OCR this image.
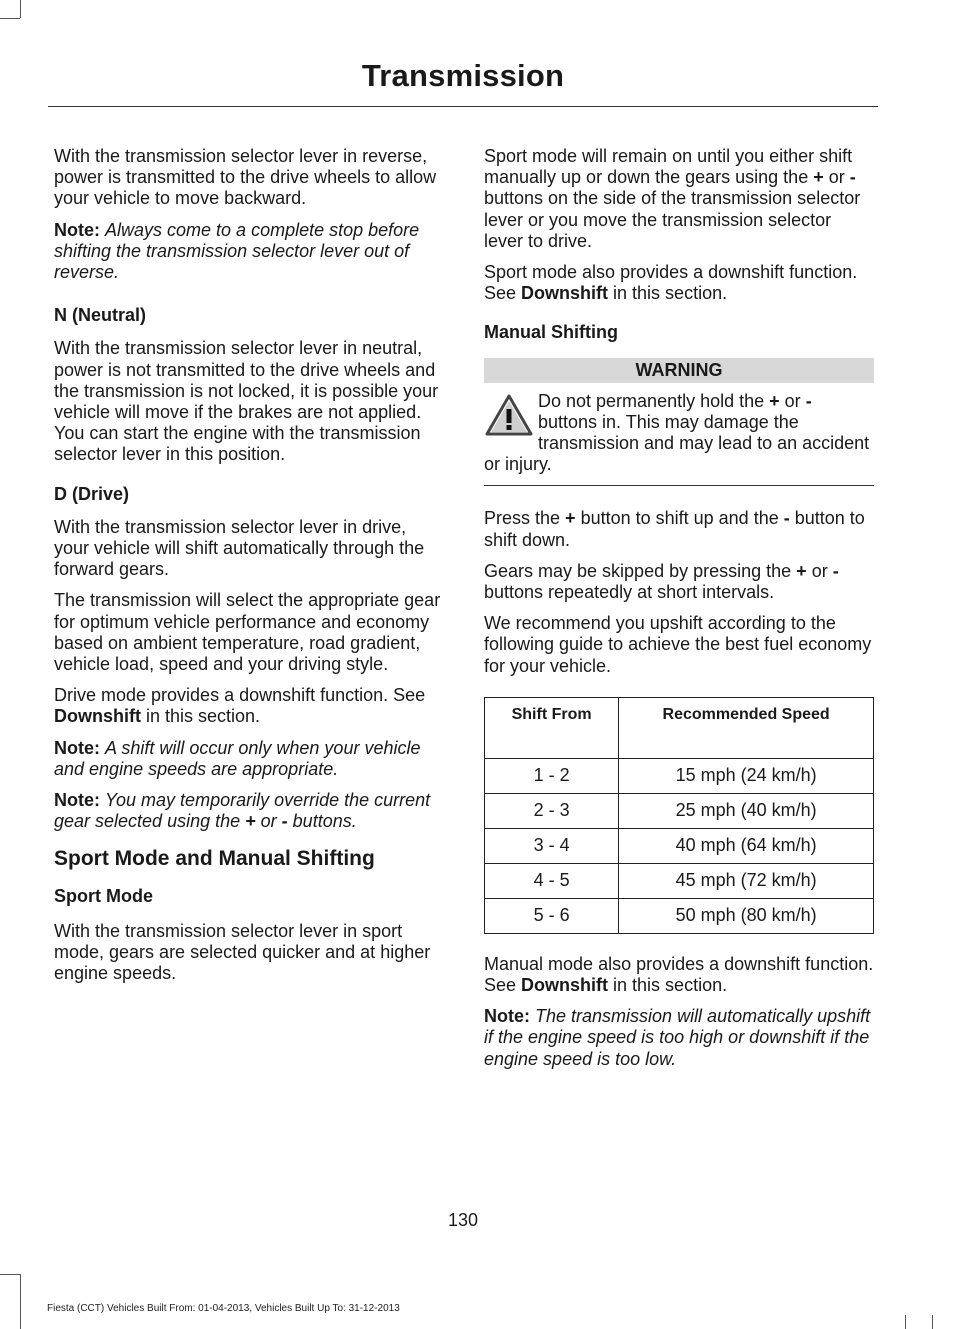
Transmission

With the transmission selector lever in reverse, power is transmitted to the drive wheels to allow your vehicle to move backward.

Note: Always come to a complete stop before shifting the transmission selector lever out of reverse.

N (Neutral)

With the transmission selector lever in neutral, power is not transmitted to the drive wheels and the transmission is not locked, it is possible your vehicle will move if the brakes are not applied. You can start the engine with the transmission selector lever in this position.

D (Drive)

With the transmission selector lever in drive, your vehicle will shift automatically through the forward gears.

The transmission will select the appropriate gear for optimum vehicle performance and economy based on ambient temperature, road gradient, vehicle load, speed and your driving style.

Drive mode provides a downshift function. See Downshift in this section.

Note: A shift will occur only when your vehicle and engine speeds are appropriate.

Note: You may temporarily override the current gear selected using the + or - buttons.

Sport Mode and Manual Shifting

Sport Mode

With the transmission selector lever in sport mode, gears are selected quicker and at higher engine speeds.

Sport mode will remain on until you either shift manually up or down the gears using the + or - buttons on the side of the transmission selector lever or you move the transmission selector lever to drive.

Sport mode also provides a downshift function. See Downshift in this section.

Manual Shifting

WARNING

Do not permanently hold the + or - buttons in. This may damage the transmission and may lead to an accident or injury.

Press the + button to shift up and the - button to shift down.

Gears may be skipped by pressing the + or - buttons repeatedly at short intervals.

We recommend you upshift according to the following guide to achieve the best fuel economy for your vehicle.

Shift From	Recommended Speed
1 - 2	15 mph (24 km/h)
2 - 3	25 mph (40 km/h)
3 - 4	40 mph (64 km/h)
4 - 5	45 mph (72 km/h)
5 - 6	50 mph (80 km/h)

Manual mode also provides a downshift function. See Downshift in this section.

Note: The transmission will automatically upshift if the engine speed is too high or downshift if the engine speed is too low.

130
Fiesta (CCT) Vehicles Built From: 01-04-2013, Vehicles Built Up To: 31-12-2013
